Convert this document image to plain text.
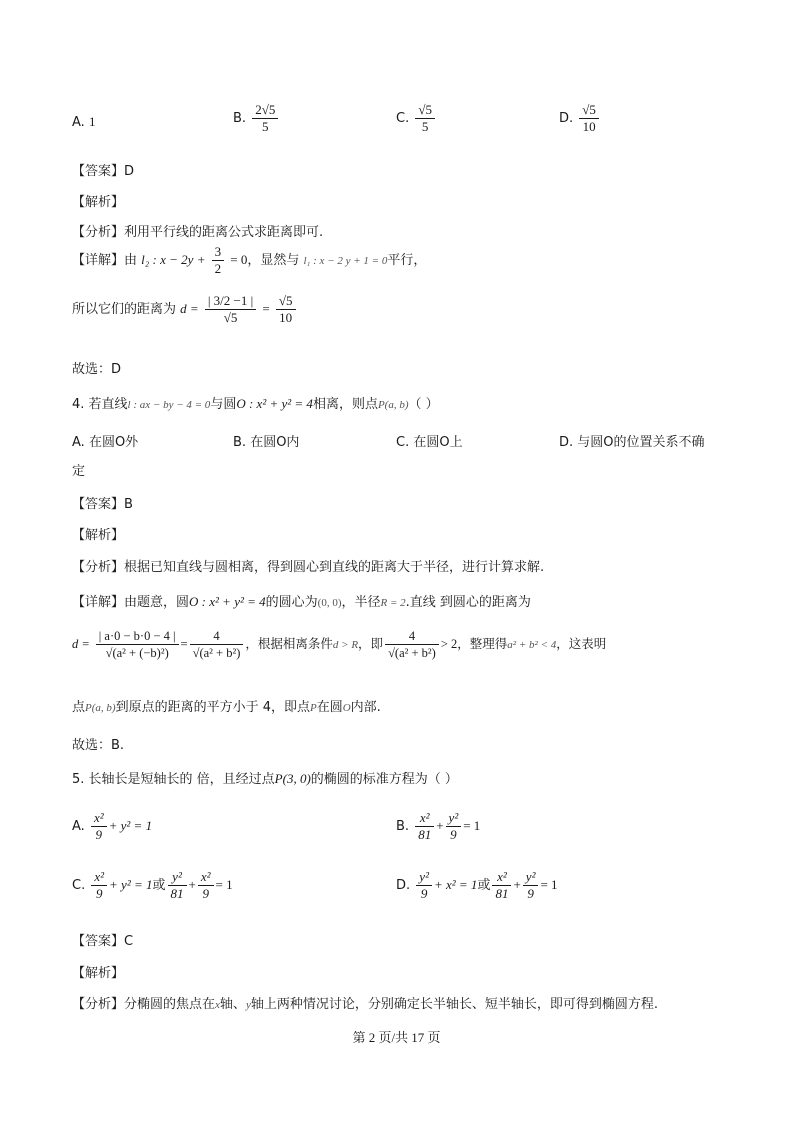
A. 1	B. $\frac{2√5}{5}$	C. $\frac{√5}{5}$	D. $\frac{√5}{10}$
【答案】D
【解析】
【分析】利用平行线的距离公式求距离即可.
【详解】由 l₂ : $x - 2y + \frac{3}{2} = 0$，显然与 l₁ : x − 2 y + 1 = 0平行，
所以它们的距离为 $d = \frac{| 3/2 -1 |}{√5} = \frac{√5}{10}$
故选：D
4. 若直线l : ax − by − 4 = 0与圆O : x² + y² = 4相离，则点P(a, b)（ ）
A. 在圆O外	B. 在圆O内	C. 在圆O上	D. 与圆O的位置关系不确
定
【答案】B
【解析】
【分析】根据已知直线与圆相离，得到圆心到直线的距离大于半径，进行计算求解.
【详解】由题意，圆O : x² + y² = 4的圆心为(0, 0)，半径R = 2.直线 到圆心的距离为
$d = \frac{| a\cdot 0 - b\cdot 0 - 4 |}{\text{√(a² + (−b)²)}} = \frac{4}{\text{√(a² + b²)}}$ ，根据相离条件d > R，即 $\frac{4}{\text{√(a² + b²)}} > 2$，整理得a² + b² < 4，这表明
点P(a, b)到原点的距离的平方小于 4，即点P在圆O内部.
故选：B.
5. 长轴长是短轴长的 倍，且经过点P(3, 0)的椭圆的标准方程为（ ）
A. $\frac{\text{x²}}{9} + y^2 = 1$	B. $\frac{\text{x²}}{81} + \frac{\text{y²}}{9} = 1$
C. $\frac{\text{x²}}{9} + y^2 = 1$或 $\frac{\text{y²}}{81} + \frac{\text{x²}}{9} = 1$	D. $\frac{\text{y²}}{9} + x^2 = 1$或 $\frac{\text{x²}}{81} + \frac{\text{y²}}{9} = 1$
【答案】C
【解析】
【分析】分椭圆的焦点在x轴、y轴上两种情况讨论，分别确定长半轴长、短半轴长，即可得到椭圆方程.
第 2 页/共 17 页
